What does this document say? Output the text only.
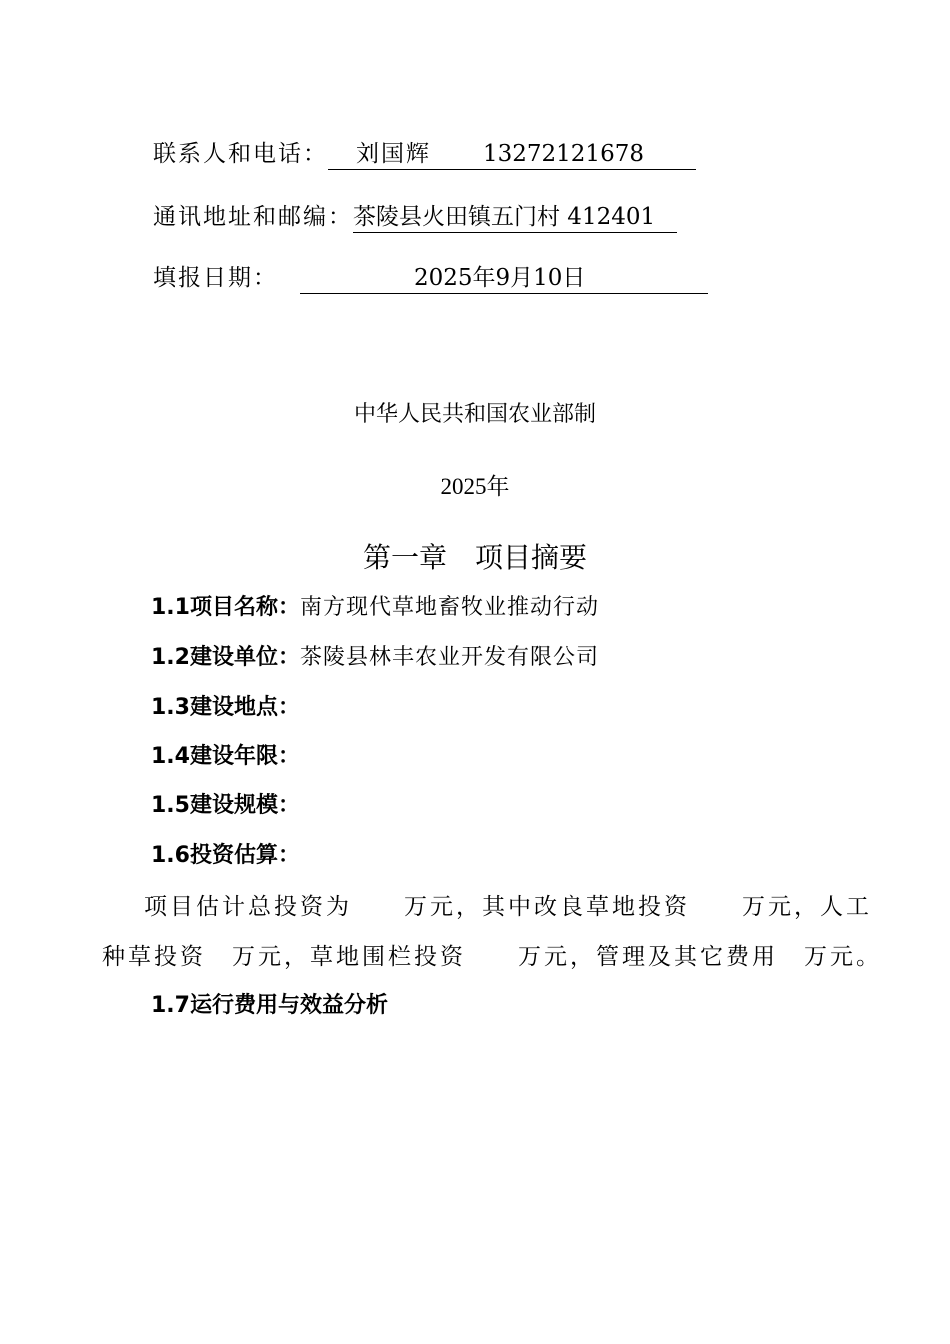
联系人和电话： 刘国辉 13272121678

通讯地址和邮编：茶陵县火田镇五门村 412401
填报日期：	2025年9月10日

中华人民共和国农业部制
2025年
第一章　项目摘要
1.1项目名称：南方现代草地畜牧业推动行动
1.2建设单位：茶陵县林丰农业开发有限公司
1.3建设地点：
1.4建设年限：
1.5建设规模：
1.6投资估算：
项目估计总投资为　　万元，其中改良草地投资　　万元，人工
种草投资　万元，草地围栏投资　　万元，管理及其它费用　万元。
1.7运行费用与效益分析
